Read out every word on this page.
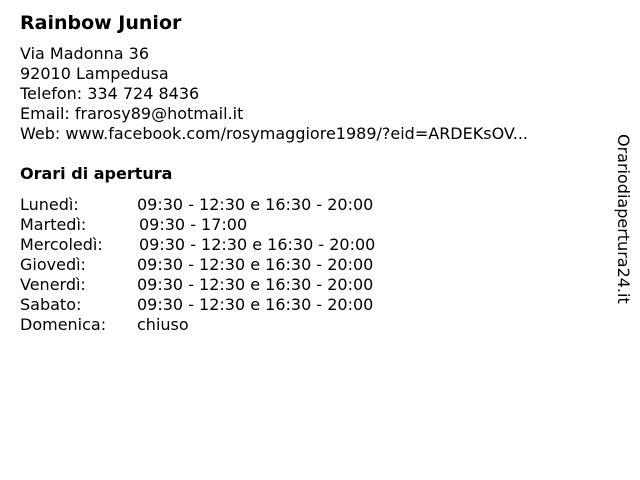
Rainbow Junior
Via Madonna 36
92010 Lampedusa
Telefon: 334 724 8436
Email: frarosy89@hotmail.it
Web: www.facebook.com/rosymaggiore1989/?eid=ARDEKsOV...
Orari di apertura
Lunedì:	09:30 - 12:30 e 16:30 - 20:00
Martedì:	09:30 - 17:00
Mercoledì: 09:30 - 12:30 e 16:30 - 20:00
Giovedì:	09:30 - 12:30 e 16:30 - 20:00
Venerdì:	09:30 - 12:30 e 16:30 - 20:00
Sabato:	09:30 - 12:30 e 16:30 - 20:00
Domenica: chiuso
Orariodiapertura24.it
